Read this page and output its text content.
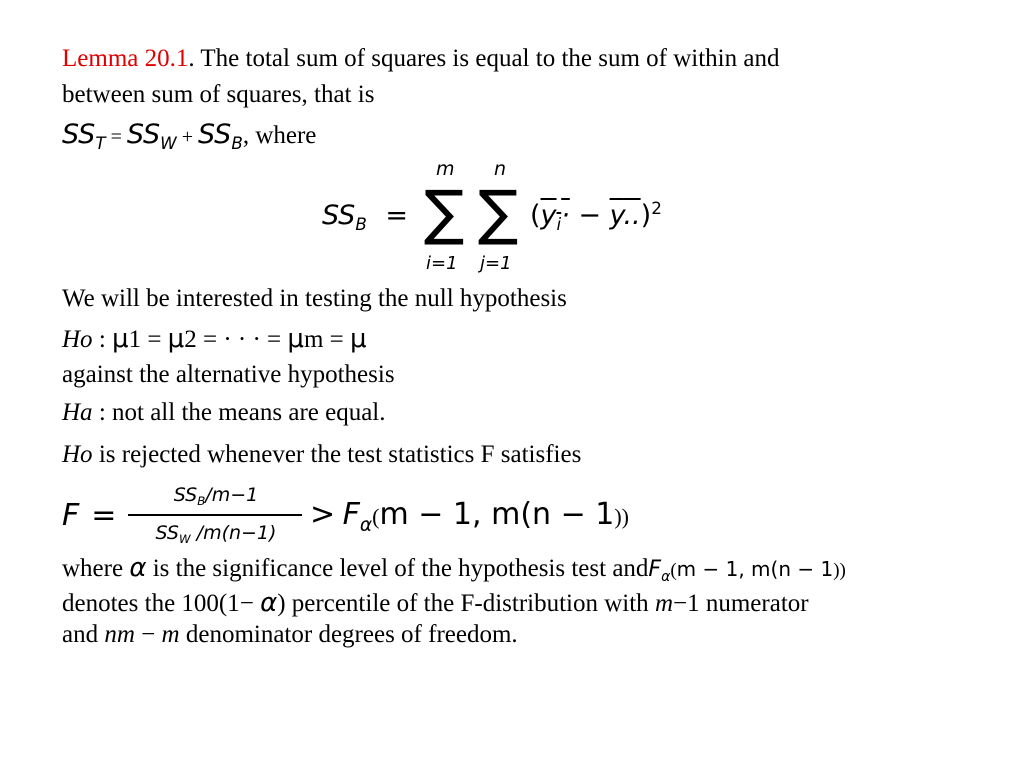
Lemma 20.1. The total sum of squares is equal to the sum of within and
between sum of squares, that is
$SS_T = SS_W + SS_B$, where
$SS_B$ =
m
∑
i=1
n
∑
j=1
$(y_i\cdot - y..)^2$
We will be interested in testing the null hypothesis
Ho : μ1 = μ2 = · · · = μm = μ
against the alternative hypothesis
Ha : not all the means are equal.
Ho is rejected whenever the test statistics F satisfies
F =
$SS_B/m-1$
$SS_W$ /m(n−1)
> $F_\alpha(m - 1$, m(n − 1))
where α is the significance level of the hypothesis test andF$_\alpha$(m − 1, m(n − 1))
denotes the 100(1− α) percentile of the F-distribution with m−1 numerator
and nm − m denominator degrees of freedom.
